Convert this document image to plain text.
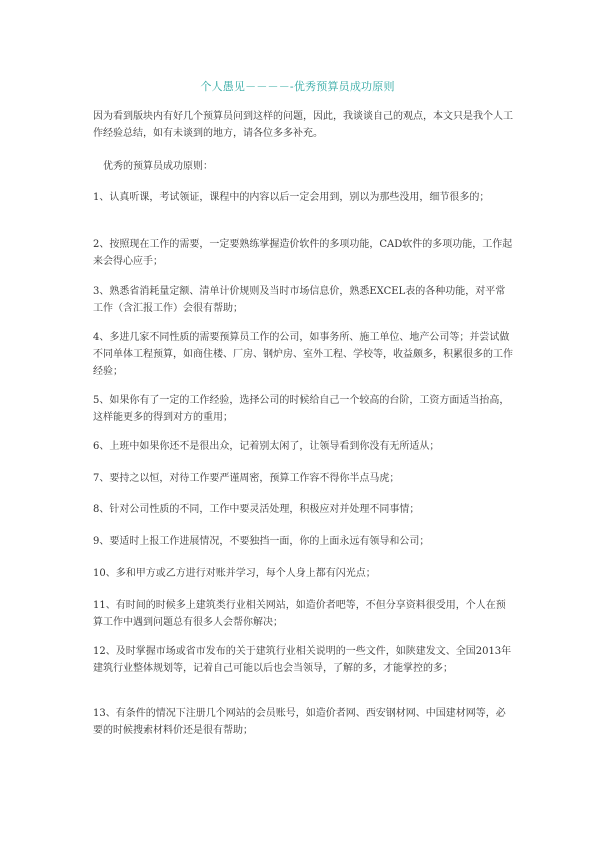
个人愚见－－－－-优秀预算员成功原则

因为看到版块内有好几个预算员问到这样的问题，因此，我谈谈自己的观点，本文只是我个人工作经验总结，如有未谈到的地方，请各位多多补充。

优秀的预算员成功原则：

1、认真听课，考试领证，课程中的内容以后一定会用到，别以为那些没用，细节很多的；

2、按照现在工作的需要，一定要熟练掌握造价软件的多项功能，CAD软件的多项功能，工作起来会得心应手；

3、熟悉省消耗量定额、清单计价规则及当时市场信息价，熟悉EXCEL表的各种功能，对平常工作（含汇报工作）会很有帮助；

4、多进几家不同性质的需要预算员工作的公司，如事务所、施工单位、地产公司等；并尝试做不同单体工程预算，如商住楼、厂房、钢炉房、室外工程、学校等，收益颇多，积累很多的工作经验；

5、如果你有了一定的工作经验，选择公司的时候给自己一个较高的台阶，工资方面适当抬高，这样能更多的得到对方的重用；

6、上班中如果你还不是很出众，记着别太闲了，让领导看到你没有无所适从；

7、要持之以恒，对待工作要严谨周密，预算工作容不得你半点马虎；

8、针对公司性质的不同，工作中要灵活处理，积极应对并处理不同事情；

9、要适时上报工作进展情况，不要独挡一面，你的上面永远有领导和公司；

10、多和甲方或乙方进行对账并学习，每个人身上都有闪光点；

11、有时间的时候多上建筑类行业相关网站，如造价者吧等，不但分享资料很受用，个人在预算工作中遇到问题总有很多人会帮你解决；

12、及时掌握市场或省市发布的关于建筑行业相关说明的一些文件，如陕建发文、全国2013年建筑行业整体规划等，记着自己可能以后也会当领导，了解的多，才能掌控的多；

13、有条件的情况下注册几个网站的会员账号，如造价者网、西安钢材网、中国建材网等，必要的时候搜索材料价还是很有帮助；
